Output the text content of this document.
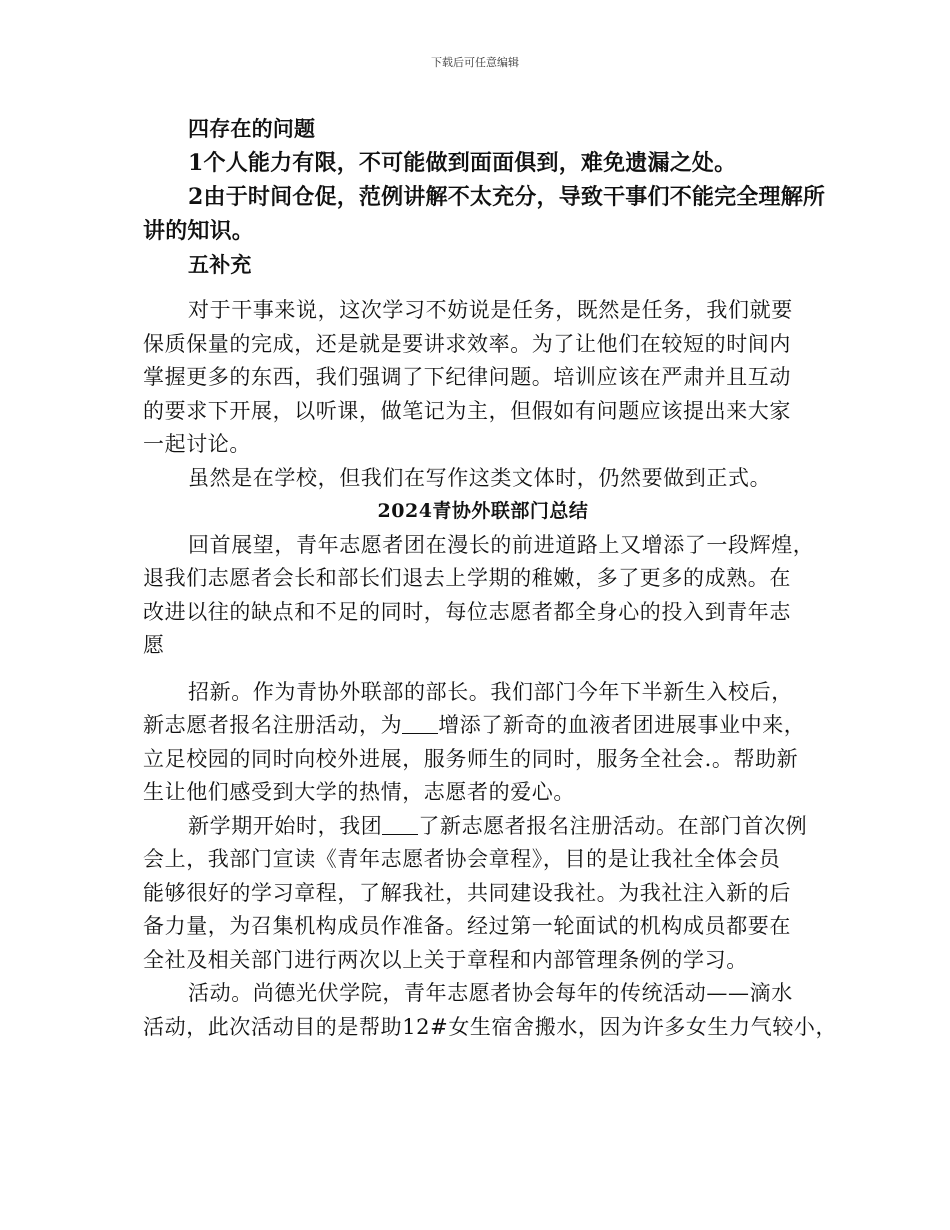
下载后可任意编辑
四存在的问题
1个人能力有限，不可能做到面面俱到，难免遗漏之处。
2由于时间仓促，范例讲解不太充分，导致干事们不能完全理解所
讲的知识。
五补充
对于干事来说，这次学习不妨说是任务，既然是任务，我们就要
保质保量的完成，还是就是要讲求效率。为了让他们在较短的时间内
掌握更多的东西，我们强调了下纪律问题。培训应该在严肃并且互动
的要求下开展，以听课，做笔记为主，但假如有问题应该提出来大家
一起讨论。
虽然是在学校，但我们在写作这类文体时，仍然要做到正式。
2024青协外联部门总结
回首展望，青年志愿者团在漫长的前进道路上又增添了一段辉煌，
退我们志愿者会长和部长们退去上学期的稚嫩，多了更多的成熟。在
改进以往的缺点和不足的同时，每位志愿者都全身心的投入到青年志
愿
招新。作为青协外联部的部长。我们部门今年下半新生入校后，
新志愿者报名注册活动，为 增添了新奇的血液者团进展事业中来，
立足校园的同时向校外进展，服务师生的同时，服务全社会.。帮助新
生让他们感受到大学的热情，志愿者的爱心。
新学期开始时，我团 了新志愿者报名注册活动。在部门首次例
会上，我部门宣读《青年志愿者协会章程》，目的是让我社全体会员
能够很好的学习章程，了解我社，共同建设我社。为我社注入新的后
备力量，为召集机构成员作准备。经过第一轮面试的机构成员都要在
全社及相关部门进行两次以上关于章程和内部管理条例的学习。
活动。尚德光伏学院，青年志愿者协会每年的传统活动——滴水
活动，此次活动目的是帮助12#女生宿舍搬水，因为许多女生力气较小，
